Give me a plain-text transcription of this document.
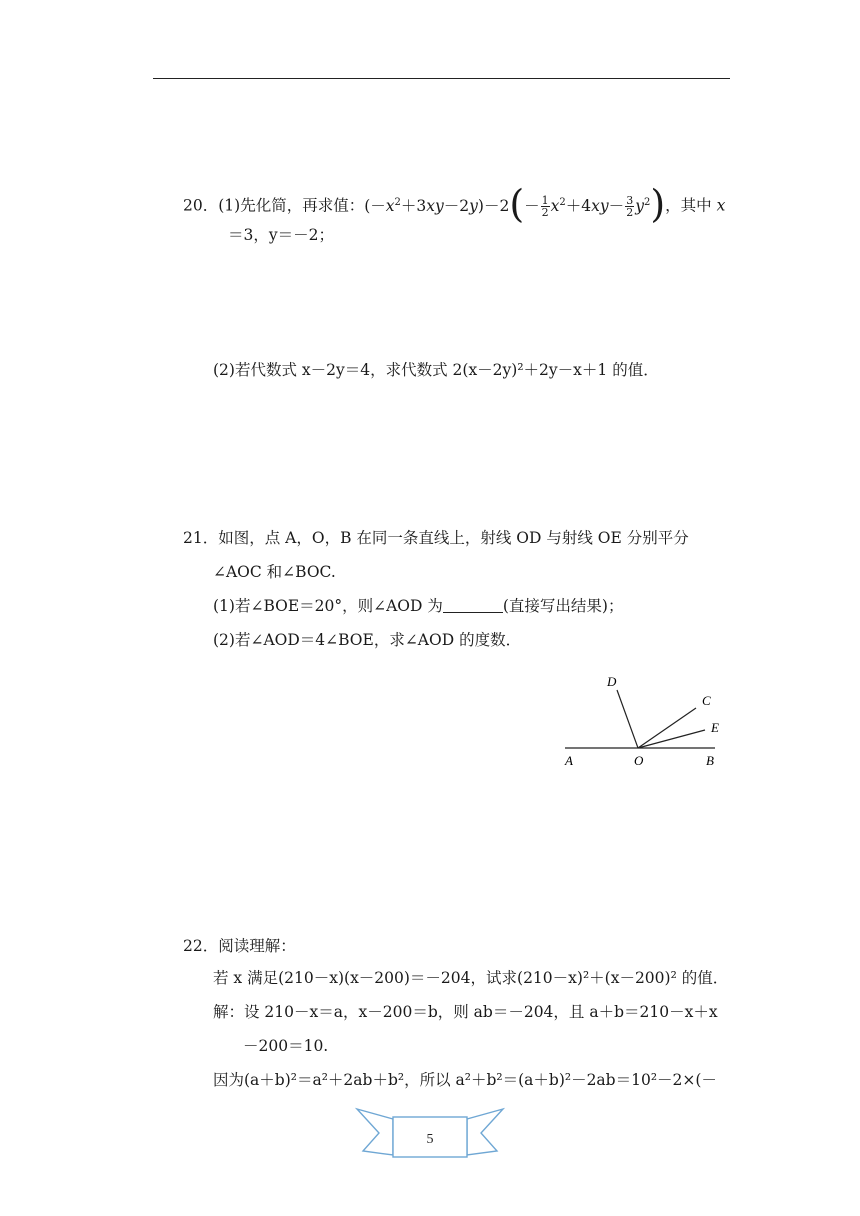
20．(1)先化简，再求值：$(-x^2+3xy-2y)-2(- \frac{1}{2} x^2+4xy- \frac{3}{2} y^2)$，其中 x
＝3，y＝－2；
(2)若代数式 x－2y＝4，求代数式 2(x－2y)²＋2y－x＋1 的值．
21．如图，点 A，O，B 在同一条直线上，射线 OD 与射线 OE 分别平分
∠AOC 和∠BOC.
(1)若∠BOE＝20°，则∠AOD 为	(直接写出结果)；
(2)若∠AOD＝4∠BOE，求∠AOD 的度数．
D
C
E
A	O	B
22．阅读理解：
若 x 满足(210－x)(x－200)＝－204，试求(210－x)²＋(x－200)² 的值．
解：设 210－x＝a，x－200＝b，则 ab＝－204，且 a＋b＝210－x＋x
－200＝10.
因为(a＋b)²＝a²＋2ab＋b²，所以 a²＋b²＝(a＋b)²－2ab＝10²－2×(－
5
